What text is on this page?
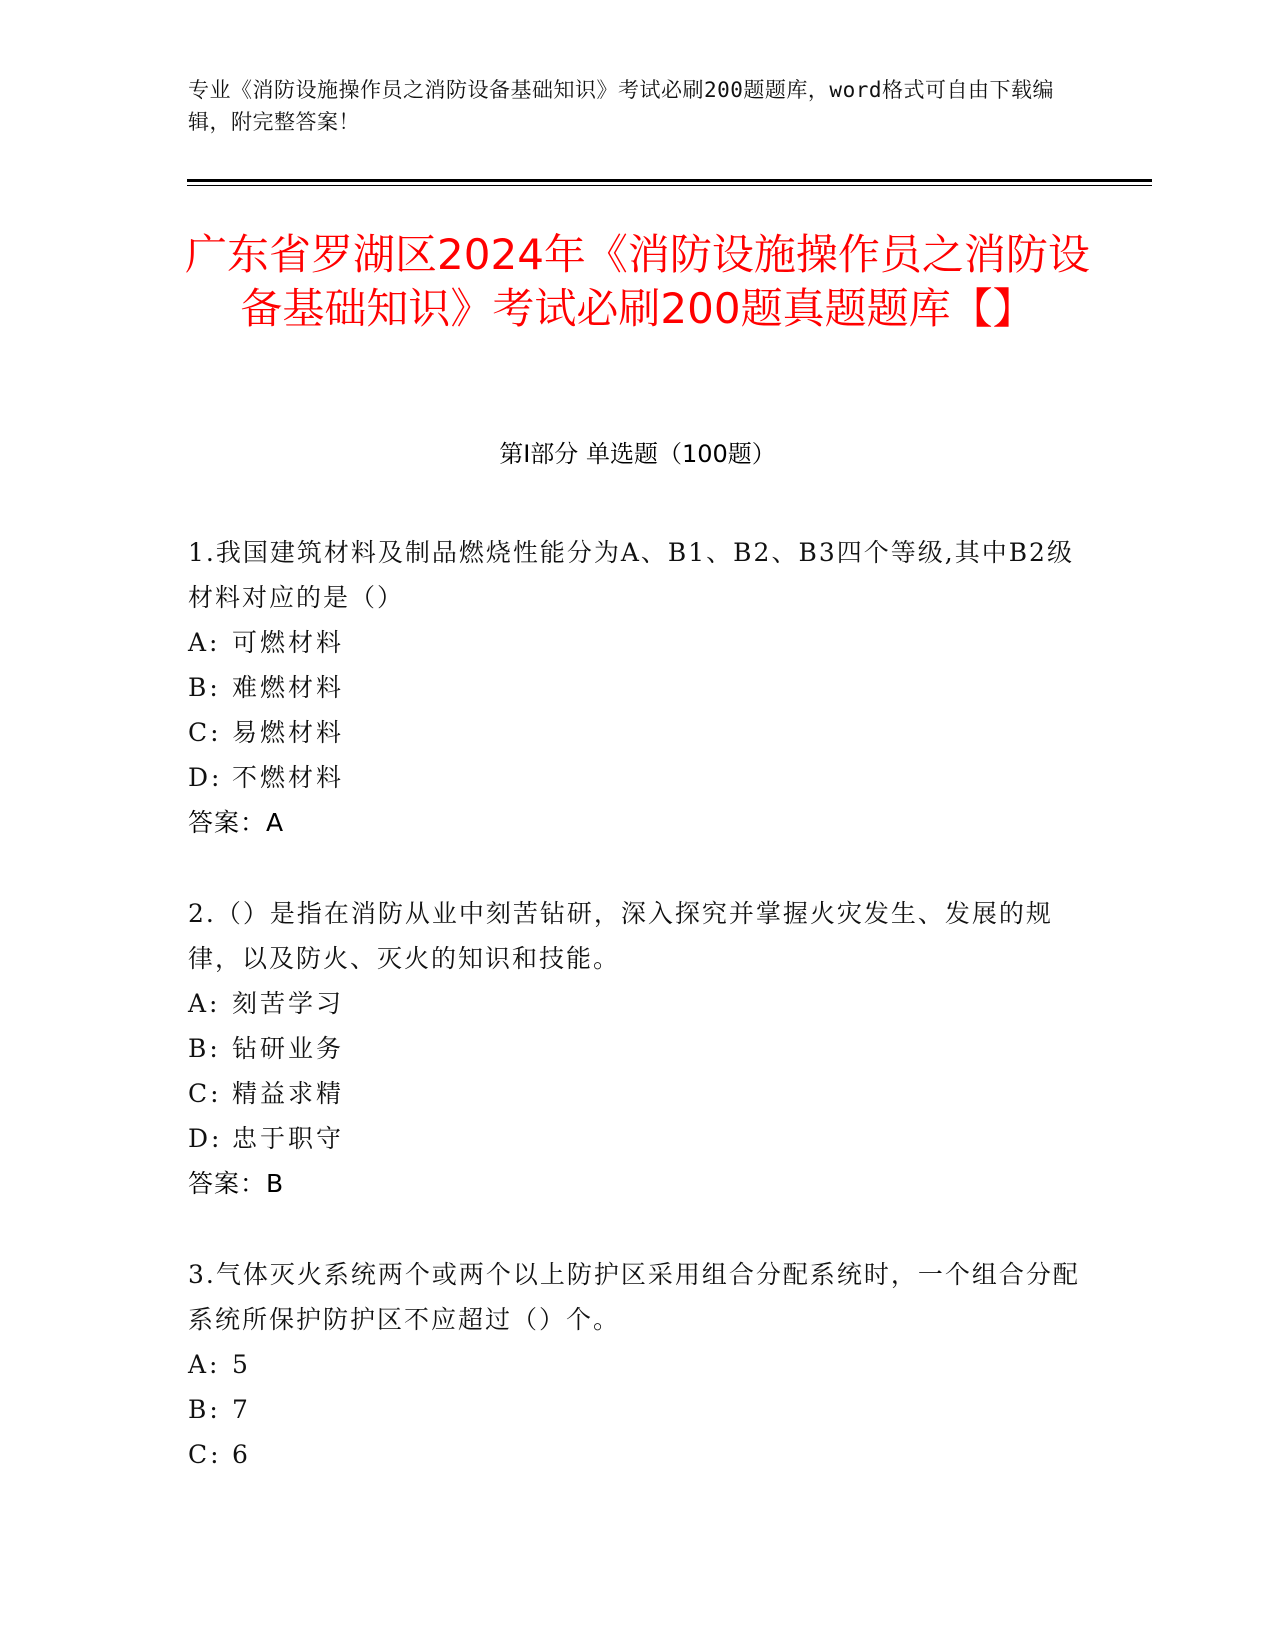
专业《消防设施操作员之消防设备基础知识》考试必刷200题题库，word格式可自由下载编辑，附完整答案！
广东省罗湖区2024年《消防设施操作员之消防设备基础知识》考试必刷200题真题题库【】
第I部分 单选题（100题）
1.我国建筑材料及制品燃烧性能分为A、B1、B2、B3四个等级,其中B2级材料对应的是（）
A: 可燃材料
B: 难燃材料
C: 易燃材料
D: 不燃材料
答案：A
2.（）是指在消防从业中刻苦钻研，深入探究并掌握火灾发生、发展的规律，以及防火、灭火的知识和技能。
A: 刻苦学习
B: 钻研业务
C: 精益求精
D: 忠于职守
答案：B
3.气体灭火系统两个或两个以上防护区采用组合分配系统时，一个组合分配系统所保护防护区不应超过（）个。
A: 5
B: 7
C: 6
